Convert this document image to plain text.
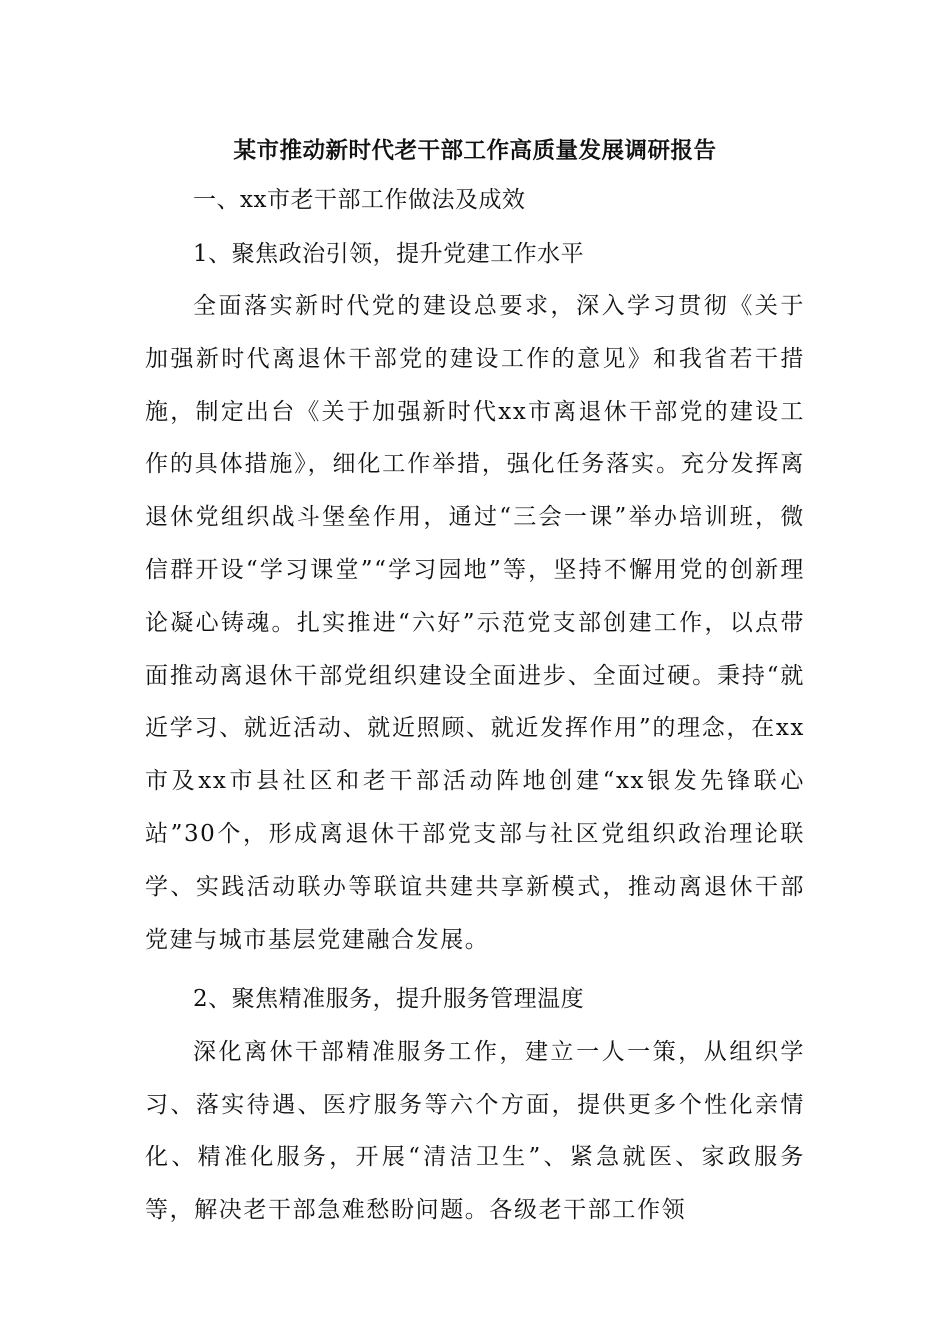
某市推动新时代老干部工作高质量发展调研报告
一、xx市老干部工作做法及成效
1、聚焦政治引领，提升党建工作水平

全面落实新时代党的建设总要求，深入学习贯彻《关于加强新时代离退休干部党的建设工作的意见》和我省若干措施，制定出台《关于加强新时代xx市离退休干部党的建设工作的具体措施》，细化工作举措，强化任务落实。充分发挥离退休党组织战斗堡垒作用，通过“三会一课”举办培训班，微信群开设“学习课堂”“学习园地”等，坚持不懈用党的创新理论凝心铸魂。扎实推进“六好”示范党支部创建工作，以点带面推动离退休干部党组织建设全面进步、全面过硬。秉持“就近学习、就近活动、就近照顾、就近发挥作用”的理念，在xx市及xx市县社区和老干部活动阵地创建“xx银发先锋联心站”30个，形成离退休干部党支部与社区党组织政治理论联学、实践活动联办等联谊共建共享新模式，推动离退休干部党建与城市基层党建融合发展。

2、聚焦精准服务，提升服务管理温度

深化离休干部精准服务工作，建立一人一策，从组织学习、落实待遇、医疗服务等六个方面，提供更多个性化亲情化、精准化服务，开展“清洁卫生”、紧急就医、家政服务等，解决老干部急难愁盼问题。各级老干部工作领
